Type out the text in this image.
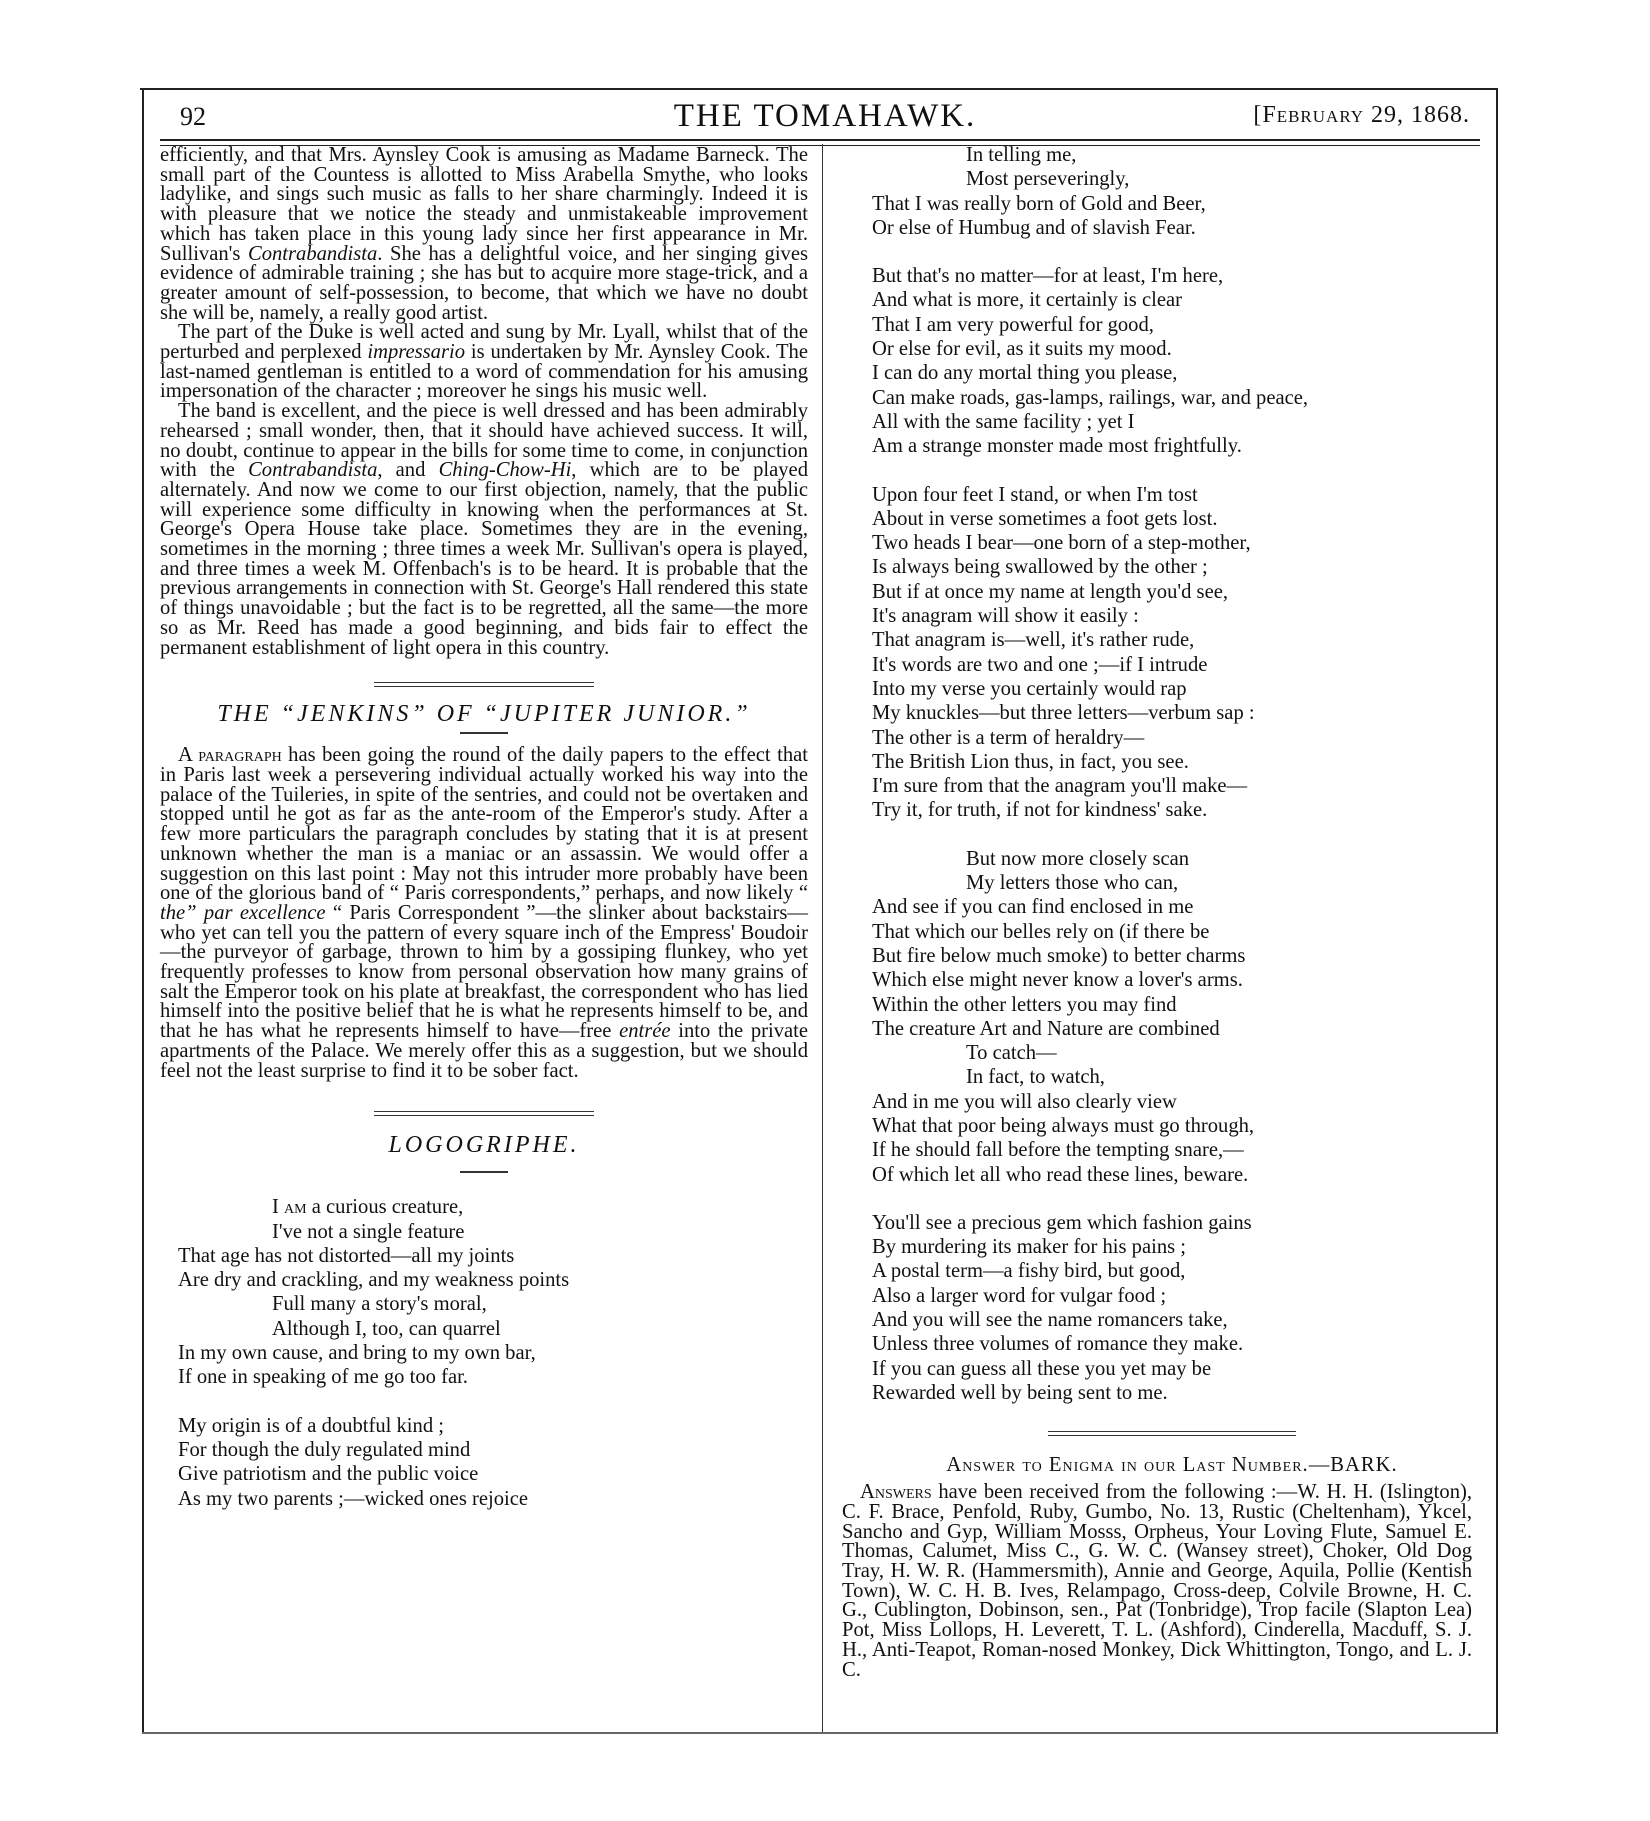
THE TOMAHAWK.
92	[February 29, 1868.

efficiently, and that Mrs. Aynsley Cook is amusing as Madame Barneck. The small part of the Countess is allotted to Miss Arabella Smythe, who looks ladylike, and sings such music as falls to her share charmingly. Indeed it is with pleasure that we notice the steady and unmistakeable improvement which has taken place in this young lady since her first appearance in Mr. Sullivan's Contrabandista. She has a delightful voice, and her singing gives evidence of admirable training ; she has but to acquire more stage-trick, and a greater amount of self-possession, to become, that which we have no doubt she will be, namely, a really good artist.

The part of the Duke is well acted and sung by Mr. Lyall, whilst that of the perturbed and perplexed impressario is undertaken by Mr. Aynsley Cook. The last-named gentleman is entitled to a word of commendation for his amusing impersonation of the character ; moreover he sings his music well.

The band is excellent, and the piece is well dressed and has been admirably rehearsed ; small wonder, then, that it should have achieved success. It will, no doubt, continue to appear in the bills for some time to come, in conjunction with the Contrabandista, and Ching-Chow-Hi, which are to be played alternately. And now we come to our first objection, namely, that the public will experience some difficulty in knowing when the performances at St. George's Opera House take place. Sometimes they are in the evening, sometimes in the morning ; three times a week Mr. Sullivan's opera is played, and three times a week M. Offenbach's is to be heard. It is probable that the previous arrangements in connection with St. George's Hall rendered this state of things unavoidable ; but the fact is to be regretted, all the same—the more so as Mr. Reed has made a good beginning, and bids fair to effect the permanent establishment of light opera in this country.

THE “JENKINS” OF “JUPITER JUNIOR.”

A paragraph has been going the round of the daily papers to the effect that in Paris last week a persevering individual actually worked his way into the palace of the Tuileries, in spite of the sentries, and could not be overtaken and stopped until he got as far as the ante-room of the Emperor's study. After a few more particulars the paragraph concludes by stating that it is at present unknown whether the man is a maniac or an assassin. We would offer a suggestion on this last point : May not this intruder more probably have been one of the glorious band of “ Paris correspondents,” perhaps, and now likely “ the” par excellence “ Paris Correspondent ”—the slinker about backstairs—who yet can tell you the pattern of every square inch of the Empress' Boudoir—the purveyor of garbage, thrown to him by a gossiping flunkey, who yet frequently professes to know from personal observation how many grains of salt the Emperor took on his plate at breakfast, the correspondent who has lied himself into the positive belief that he is what he represents himself to be, and that he has what he represents himself to have—free entrée into the private apartments of the Palace. We merely offer this as a suggestion, but we should feel not the least surprise to find it to be sober fact.

LOGOGRIPHE.

I am a curious creature,
I've not a single feature
That age has not distorted—all my joints
Are dry and crackling, and my weakness points
Full many a story's moral,
Although I, too, can quarrel
In my own cause, and bring to my own bar,
If one in speaking of me go too far.
My origin is of a doubtful kind ;
For though the duly regulated mind
Give patriotism and the public voice
As my two parents ;—wicked ones rejoice
In telling me,
Most perseveringly,
That I was really born of Gold and Beer,
Or else of Humbug and of slavish Fear.
But that's no matter—for at least, I'm here,
And what is more, it certainly is clear
That I am very powerful for good,
Or else for evil, as it suits my mood.
I can do any mortal thing you please,
Can make roads, gas-lamps, railings, war, and peace,
All with the same facility ; yet I
Am a strange monster made most frightfully.
Upon four feet I stand, or when I'm tost
About in verse sometimes a foot gets lost.
Two heads I bear—one born of a step-mother,
Is always being swallowed by the other ;
But if at once my name at length you'd see,
It's anagram will show it easily :
That anagram is—well, it's rather rude,
It's words are two and one ;—if I intrude
Into my verse you certainly would rap
My knuckles—but three letters—verbum sap :
The other is a term of heraldry—
The British Lion thus, in fact, you see.
I'm sure from that the anagram you'll make—
Try it, for truth, if not for kindness' sake.
But now more closely scan
My letters those who can,
And see if you can find enclosed in me
That which our belles rely on (if there be
But fire below much smoke) to better charms
Which else might never know a lover's arms.
Within the other letters you may find
The creature Art and Nature are combined
To catch—
In fact, to watch,
And in me you will also clearly view
What that poor being always must go through,
If he should fall before the tempting snare,—
Of which let all who read these lines, beware.
You'll see a precious gem which fashion gains
By murdering its maker for his pains ;
A postal term—a fishy bird, but good,
Also a larger word for vulgar food ;
And you will see the name romancers take,
Unless three volumes of romance they make.
If you can guess all these you yet may be
Rewarded well by being sent to me.

Answer to Enigma in our Last Number.—BARK.

Answers have been received from the following :—W. H. H. (Islington), C. F. Brace, Penfold, Ruby, Gumbo, No. 13, Rustic (Cheltenham), Ykcel, Sancho and Gyp, William Mosss, Orpheus, Your Loving Flute, Samuel E. Thomas, Calumet, Miss C., G. W. C. (Wansey street), Choker, Old Dog Tray, H. W. R. (Hammersmith), Annie and George, Aquila, Pollie (Kentish Town), W. C. H. B. Ives, Relampago, Cross-deep, Colvile Browne, H. C. G., Cublington, Dobinson, sen., Pat (Tonbridge), Trop facile (Slapton Lea) Pot, Miss Lollops, H. Leverett, T. L. (Ashford), Cinderella, Macduff, S. J. H., Anti-Teapot, Roman-nosed Monkey, Dick Whittington, Tongo, and L. J. C.
